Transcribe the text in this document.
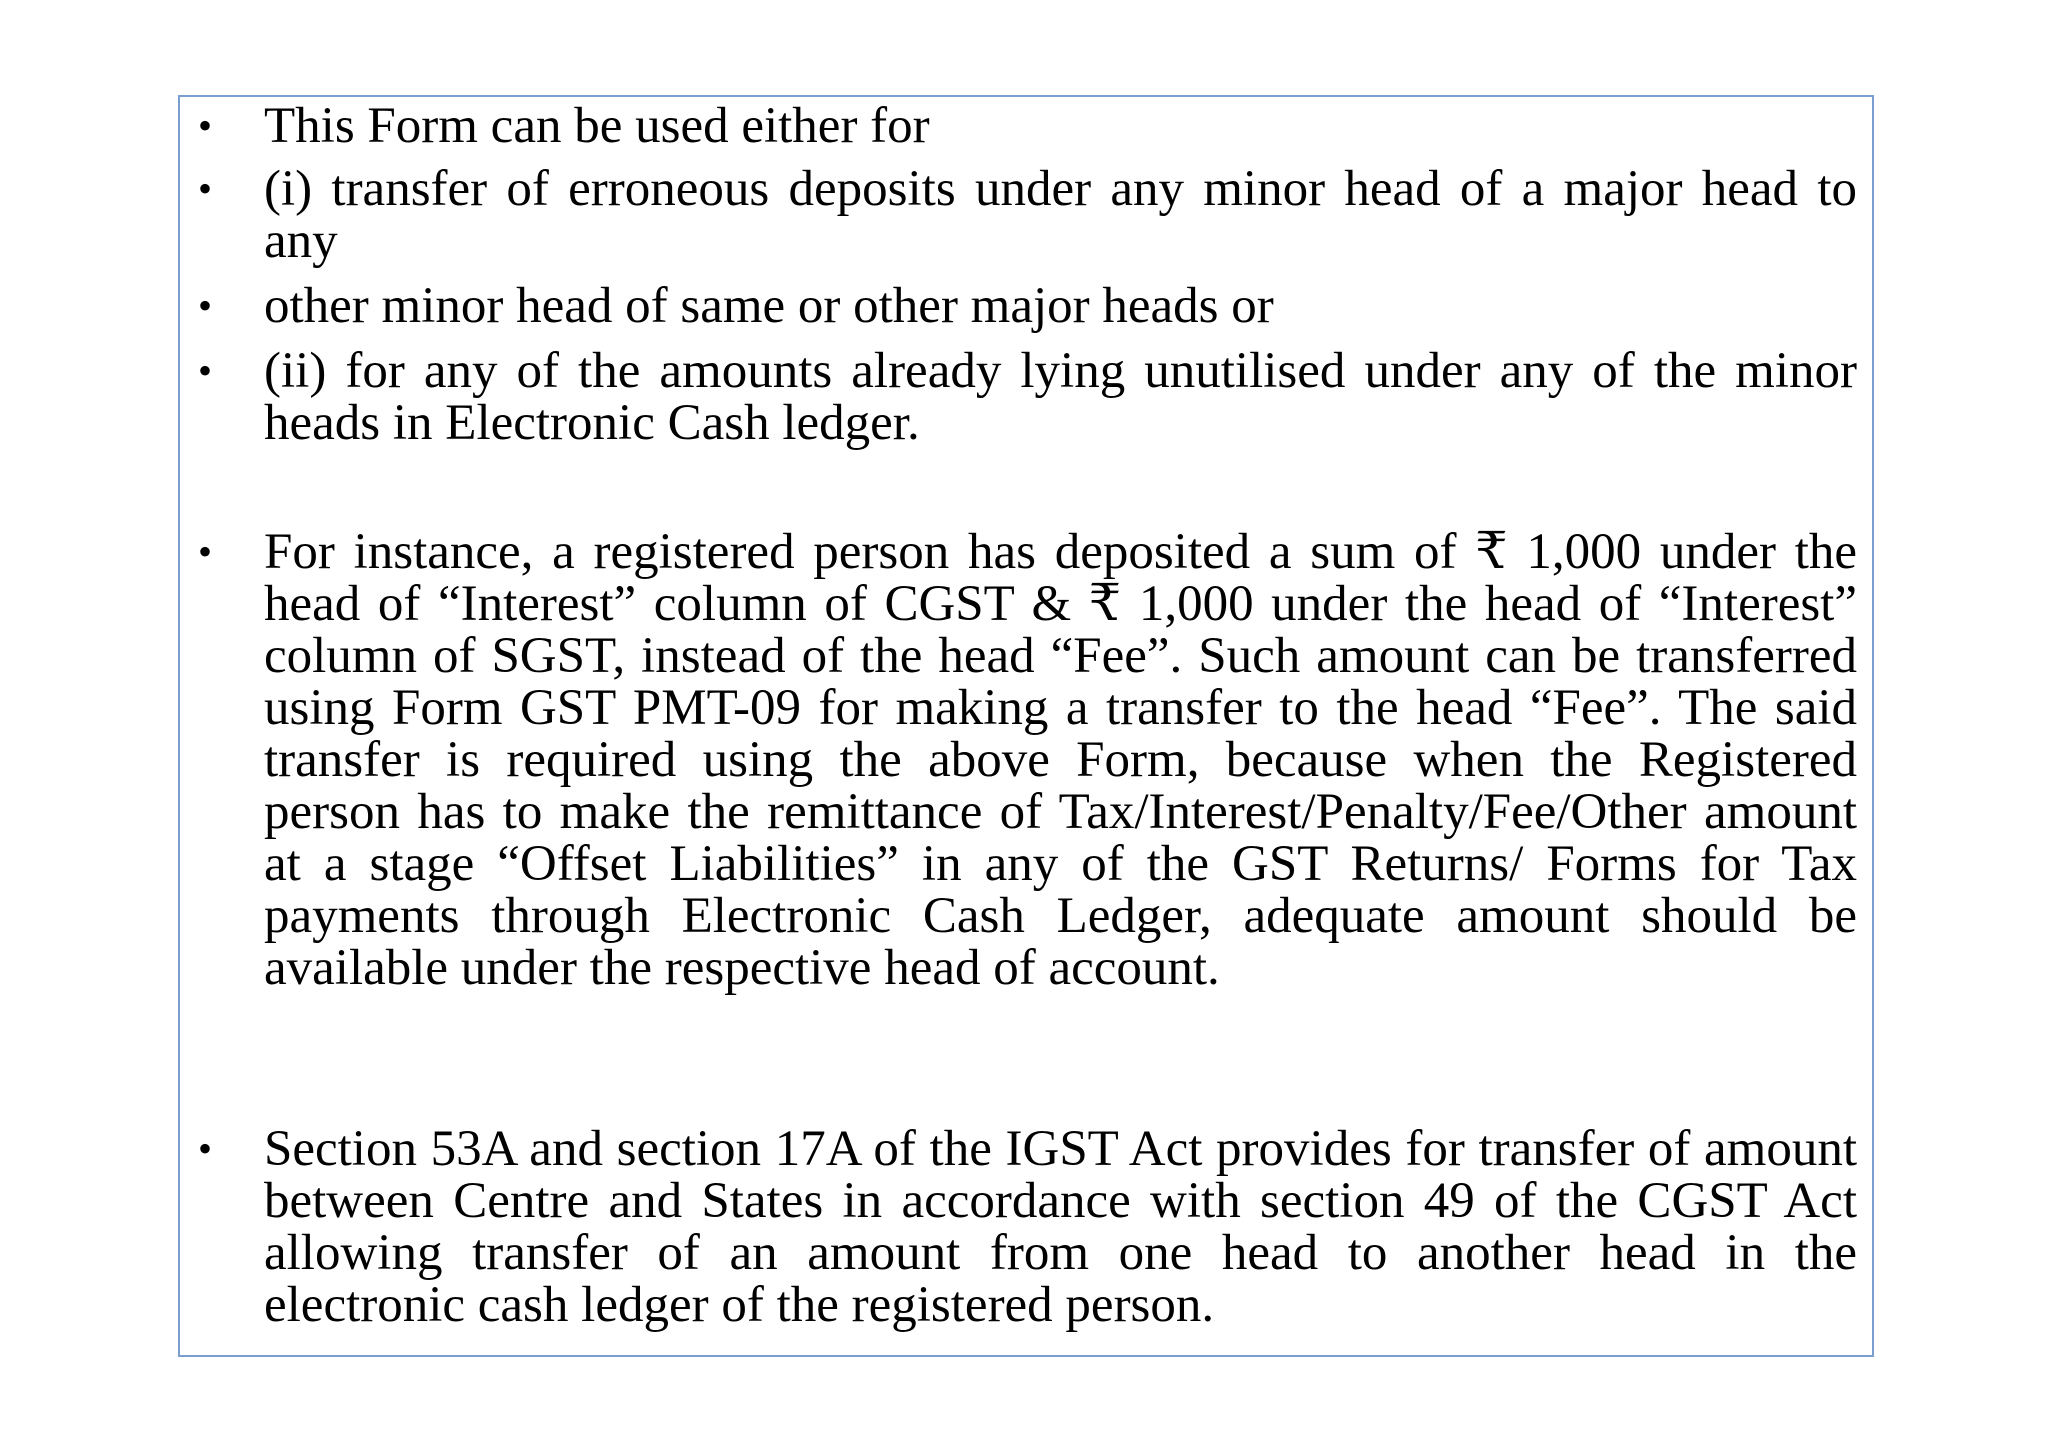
• This Form can be used either for
• (i) transfer of erroneous deposits under any minor head of a major head to any
• other minor head of same or other major heads or
• (ii) for any of the amounts already lying unutilised under any of the minor heads in Electronic Cash ledger.
• For instance, a registered person has deposited a sum of ₹ 1,000 under the head of “Interest” column of CGST & ₹ 1,000 under the head of “Interest” column of SGST, instead of the head “Fee”. Such amount can be transferred using Form GST PMT-09 for making a transfer to the head “Fee”. The said transfer is required using the above Form, because when the Registered person has to make the remittance of Tax/Interest/Penalty/Fee/Other amount at a stage “Offset Liabilities” in any of the GST Returns/ Forms for Tax payments through Electronic Cash Ledger, adequate amount should be available under the respective head of account.
• Section 53A and section 17A of the IGST Act provides for transfer of amount between Centre and States in accordance with section 49 of the CGST Act allowing transfer of an amount from one head to another head in the electronic cash ledger of the registered person.
